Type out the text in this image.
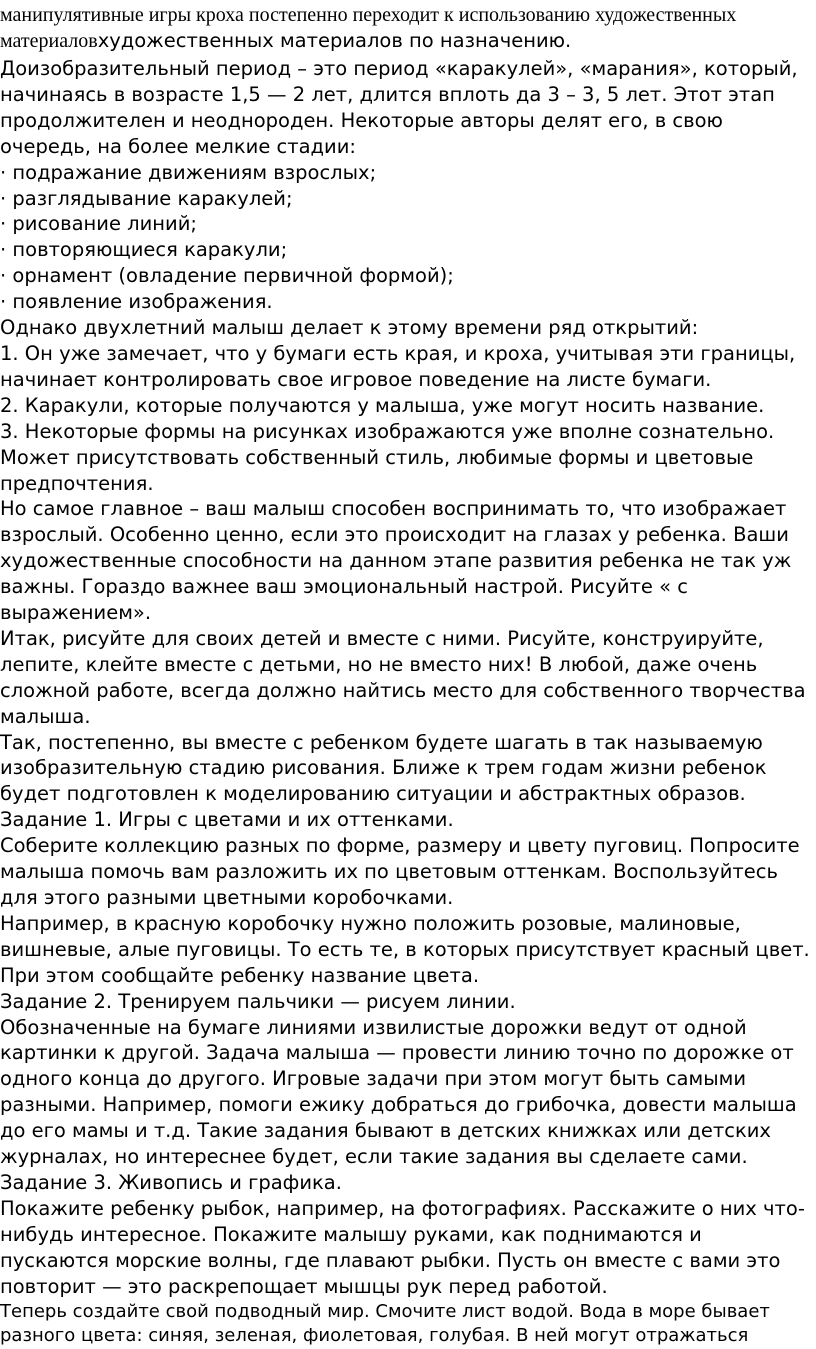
манипулятивные игры кроха постепенно переходит к использованию художественных

материаловхудожественных материалов по назначению.

Доизобразительный период – это период «каракулей», «марания», который, начинаясь в возрасте 1,5 — 2 лет, длится вплоть да 3 – 3, 5 лет. Этот этап продолжителен и неоднороден. Некоторые авторы делят его, в свою очередь, на более мелкие стадии:

· подражание движениям взрослых;

· разглядывание каракулей;

· рисование линий;

· повторяющиеся каракули;

· орнамент (овладение первичной формой);

· появление изображения.

Однако двухлетний малыш делает к этому времени ряд открытий:

1. Он уже замечает, что у бумаги есть края, и кроха, учитывая эти границы, начинает контролировать свое игровое поведение на листе бумаги.

2. Каракули, которые получаются у малыша, уже могут носить название.

3. Некоторые формы на рисунках изображаются уже вполне сознательно.

Может присутствовать собственный стиль, любимые формы и цветовые предпочтения.

Но самое главное – ваш малыш способен воспринимать то, что изображает взрослый. Особенно ценно, если это происходит на глазах у ребенка. Ваши художественные способности на данном этапе развития ребенка не так уж важны. Гораздо важнее ваш эмоциональный настрой. Рисуйте « с выражением».

Итак, рисуйте для своих детей и вместе с ними. Рисуйте, конструируйте, лепите, клейте вместе с детьми, но не вместо них! В любой, даже очень сложной работе, всегда должно найтись место для собственного творчества малыша.

Так, постепенно, вы вместе с ребенком будете шагать в так называемую изобразительную стадию рисования. Ближе к трем годам жизни ребенок будет подготовлен к моделированию ситуации и абстрактных образов.

Задание 1. Игры с цветами и их оттенками.

Соберите коллекцию разных по форме, размеру и цвету пуговиц. Попросите малыша помочь вам разложить их по цветовым оттенкам. Воспользуйтесь для этого разными цветными коробочками.

Например, в красную коробочку нужно положить розовые, малиновые, вишневые, алые пуговицы. То есть те, в которых присутствует красный цвет. При этом сообщайте ребенку название цвета.

Задание 2. Тренируем пальчики — рисуем линии.

Обозначенные на бумаге линиями извилистые дорожки ведут от одной картинки к другой. Задача малыша — провести линию точно по дорожке от одного конца до другого. Игровые задачи при этом могут быть самыми разными. Например, помоги ежику добраться до грибочка, довести малыша до его мамы и т.д. Такие задания бывают в детских книжках или детских журналах, но интереснее будет, если такие задания вы сделаете сами.

Задание 3. Живопись и графика.

Покажите ребенку рыбок, например, на фотографиях. Расскажите о них что-нибудь интересное. Покажите малышу руками, как поднимаются и пускаются морские волны, где плавают рыбки. Пусть он вместе с вами это повторит — это раскрепощает мышцы рук перед работой.

Теперь создайте свой подводный мир. Смочите лист водой. Вода в море бывает разного цвета: синяя, зеленая, фиолетовая, голубая. В ней могут отражаться
